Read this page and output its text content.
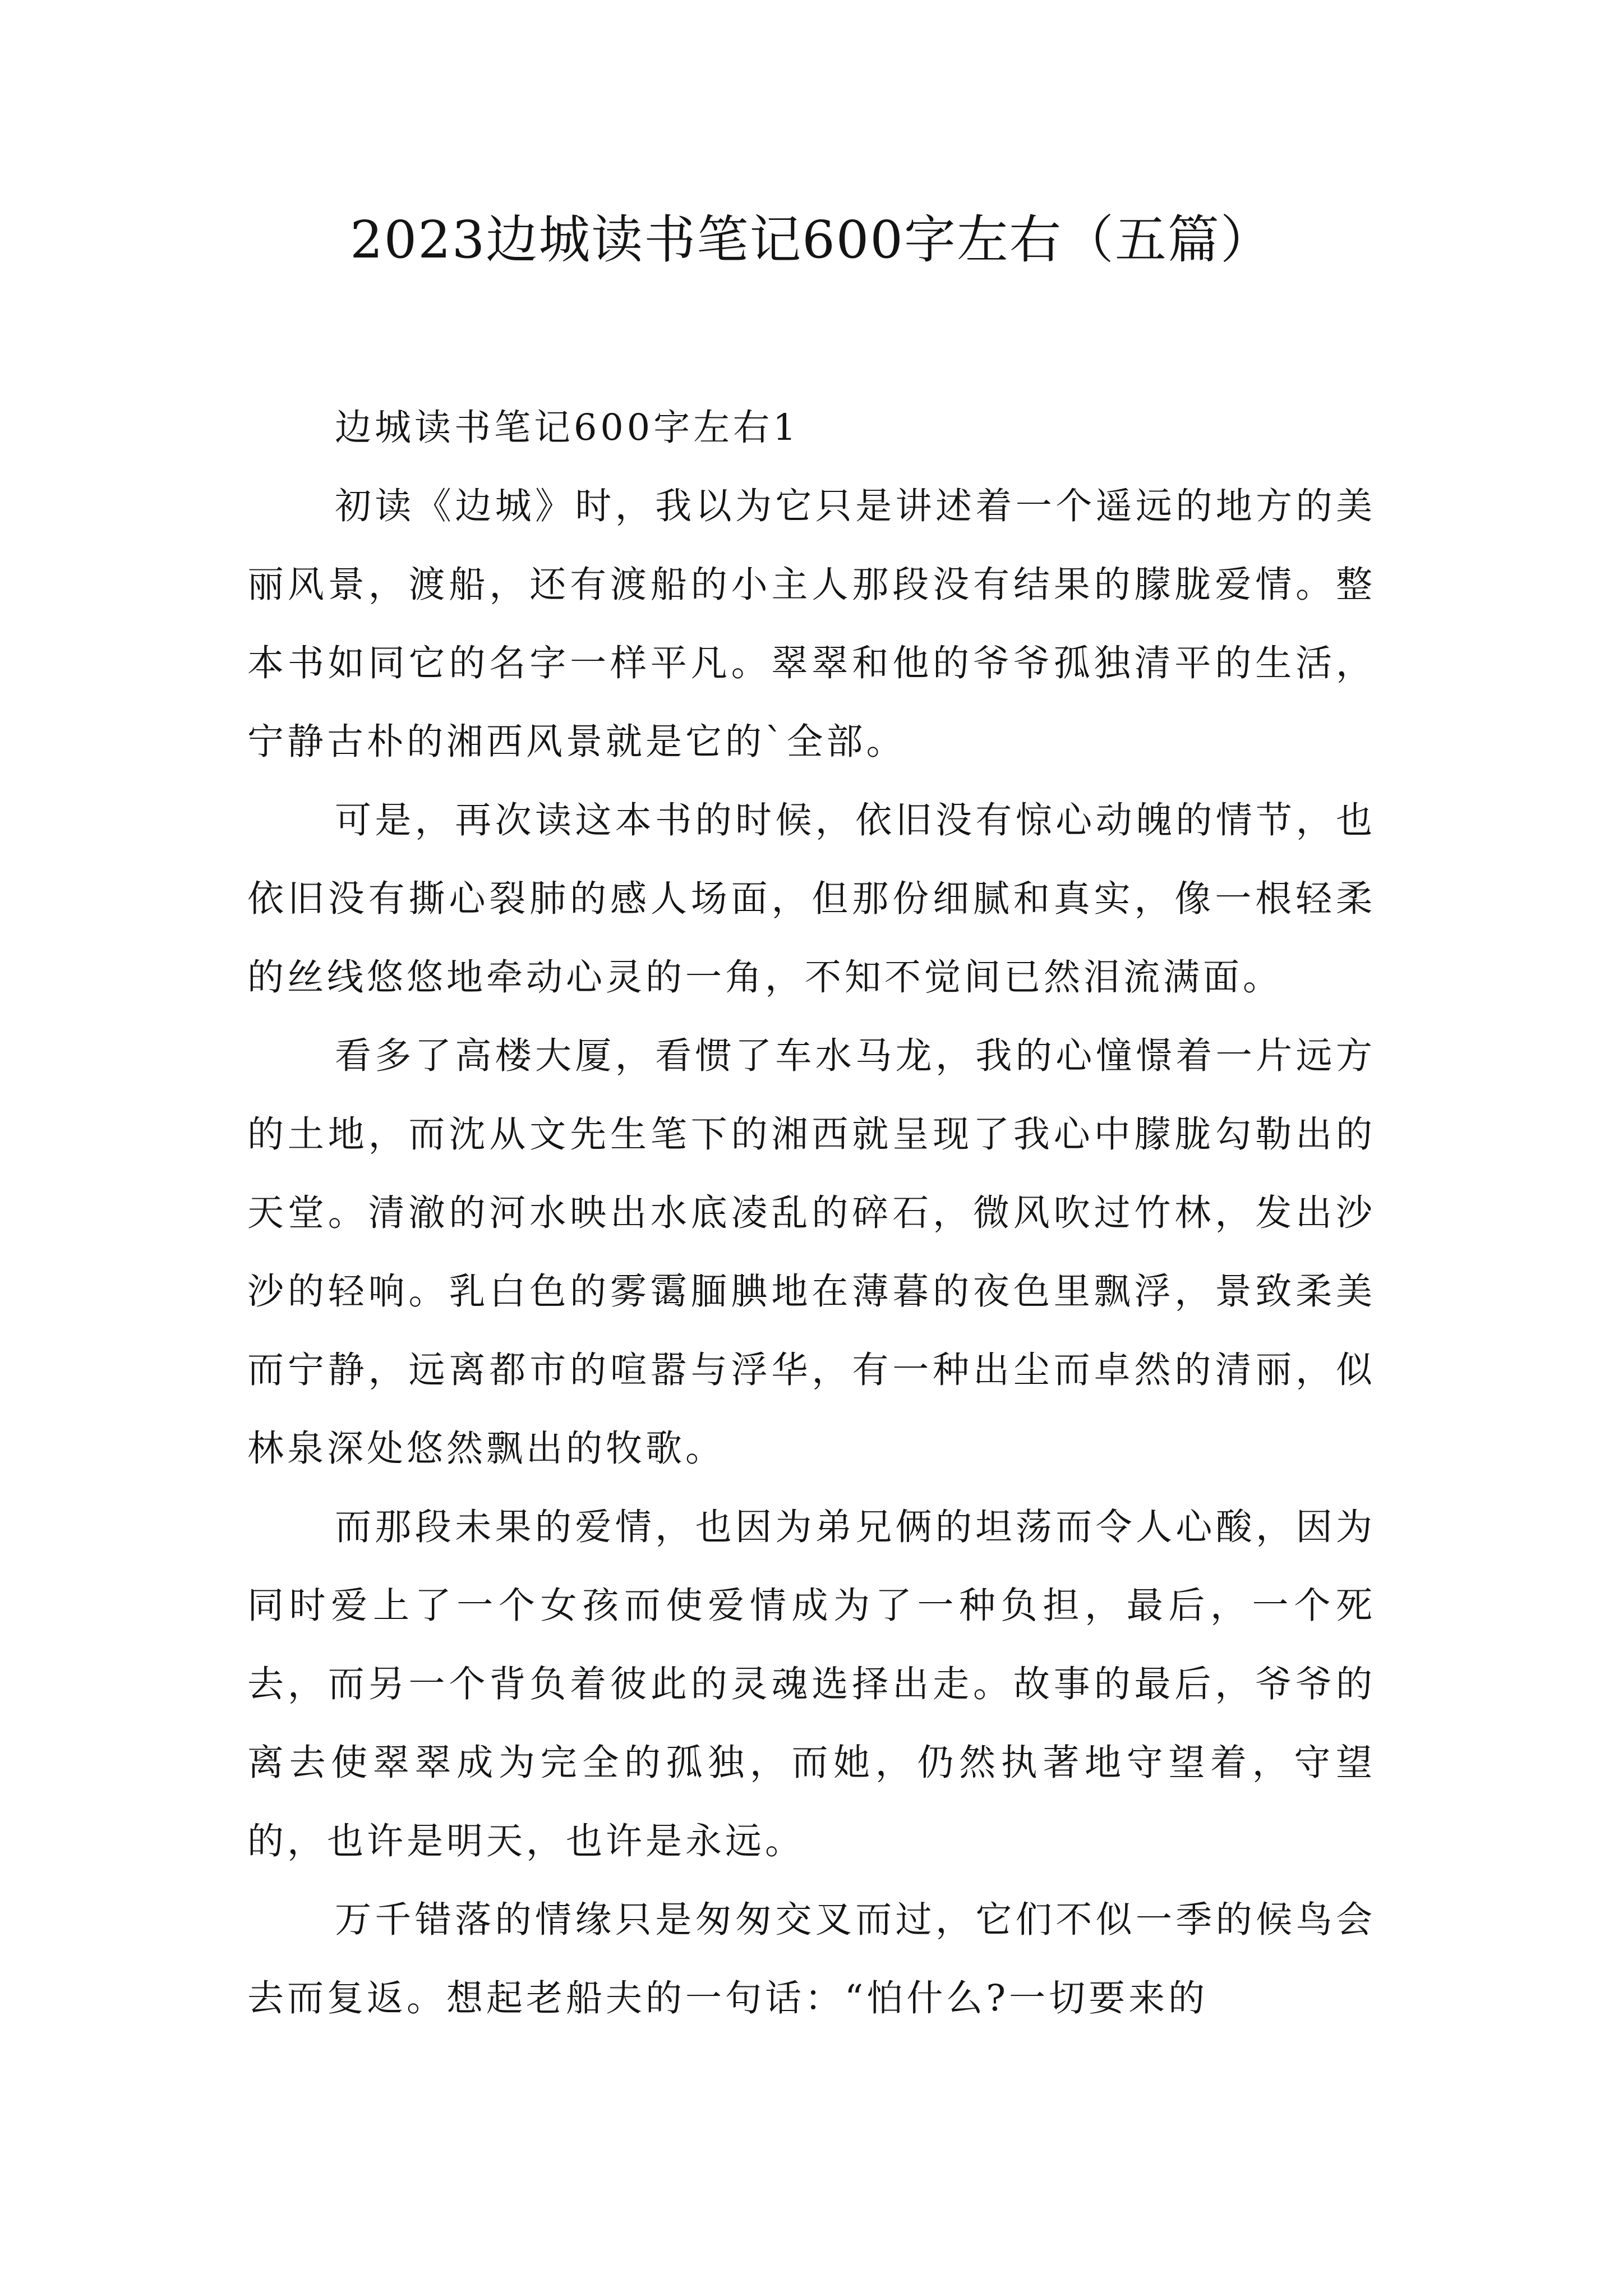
2023边城读书笔记600字左右（五篇）

边城读书笔记600字左右1

初读《边城》时，我以为它只是讲述着一个遥远的地方的美丽风景，渡船，还有渡船的小主人那段没有结果的朦胧爱情。整本书如同它的名字一样平凡。翠翠和他的爷爷孤独清平的生活，宁静古朴的湘西风景就是它的`全部。

可是，再次读这本书的时候，依旧没有惊心动魄的情节，也依旧没有撕心裂肺的感人场面，但那份细腻和真实，像一根轻柔的丝线悠悠地牵动心灵的一角，不知不觉间已然泪流满面。

看多了高楼大厦，看惯了车水马龙，我的心憧憬着一片远方的土地，而沈从文先生笔下的湘西就呈现了我心中朦胧勾勒出的天堂。清澈的河水映出水底凌乱的碎石，微风吹过竹林，发出沙沙的轻响。乳白色的雾霭腼腆地在薄暮的夜色里飘浮，景致柔美而宁静，远离都市的喧嚣与浮华，有一种出尘而卓然的清丽，似林泉深处悠然飘出的牧歌。

而那段未果的爱情，也因为弟兄俩的坦荡而令人心酸，因为同时爱上了一个女孩而使爱情成为了一种负担，最后，一个死去，而另一个背负着彼此的灵魂选择出走。故事的最后，爷爷的离去使翠翠成为完全的孤独，而她，仍然执著地守望着，守望的，也许是明天，也许是永远。

万千错落的情缘只是匆匆交叉而过，它们不似一季的候鸟会去而复返。想起老船夫的一句话：“怕什么?一切要来的
